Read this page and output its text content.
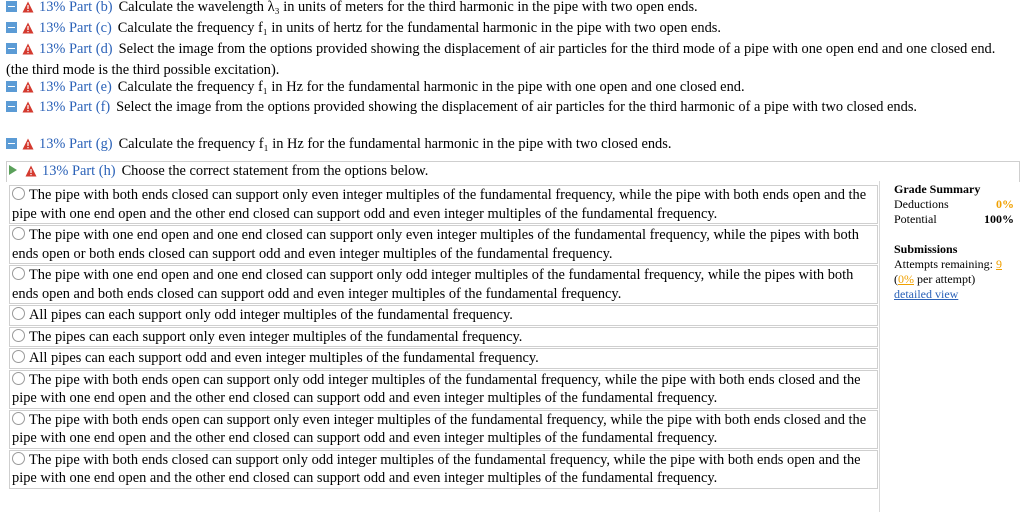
13% Part (b) Calculate the wavelength λ₃ in units of meters for the third harmonic in the pipe with two open ends.
13% Part (c) Calculate the frequency f₁ in units of hertz for the fundamental harmonic in the pipe with two open ends.
13% Part (d) Select the image from the options provided showing the displacement of air particles for the third mode of a pipe with one open end and one closed end. (the third mode is the third possible excitation).
13% Part (e) Calculate the frequency f₁ in Hz for the fundamental harmonic in the pipe with one open and one closed end.
13% Part (f) Select the image from the options provided showing the displacement of air particles for the third harmonic of a pipe with two closed ends.
13% Part (g) Calculate the frequency f₁ in Hz for the fundamental harmonic in the pipe with two closed ends.
13% Part (h) Choose the correct statement from the options below.
The pipe with both ends closed can support only even integer multiples of the fundamental frequency, while the pipe with both ends open and the pipe with one end open and the other end closed can support odd and even integer multiples of the fundamental frequency.
The pipe with one end open and one end closed can support only even integer multiples of the fundamental frequency, while the pipes with both ends open or both ends closed can support odd and even integer multiples of the fundamental frequency.
The pipe with one end open and one end closed can support only odd integer multiples of the fundamental frequency, while the pipes with both ends open and both ends closed can support odd and even integer multiples of the fundamental frequency.
All pipes can each support only odd integer multiples of the fundamental frequency.
The pipes can each support only even integer multiples of the fundamental frequency.
All pipes can each support odd and even integer multiples of the fundamental frequency.
The pipe with both ends open can support only odd integer multiples of the fundamental frequency, while the pipe with both ends closed and the pipe with one end open and the other end closed can support odd and even integer multiples of the fundamental frequency.
The pipe with both ends open can support only even integer multiples of the fundamental frequency, while the pipe with both ends closed and the pipe with one end open and the other end closed can support odd and even integer multiples of the fundamental frequency.
The pipe with both ends closed can support only odd integer multiples of the fundamental frequency, while the pipe with both ends open and the pipe with one end open and the other end closed can support odd and even integer multiples of the fundamental frequency.
Grade Summary
Deductions	0%
Potential	100%
Submissions
Attempts remaining: 9
(0% per attempt)
detailed view
